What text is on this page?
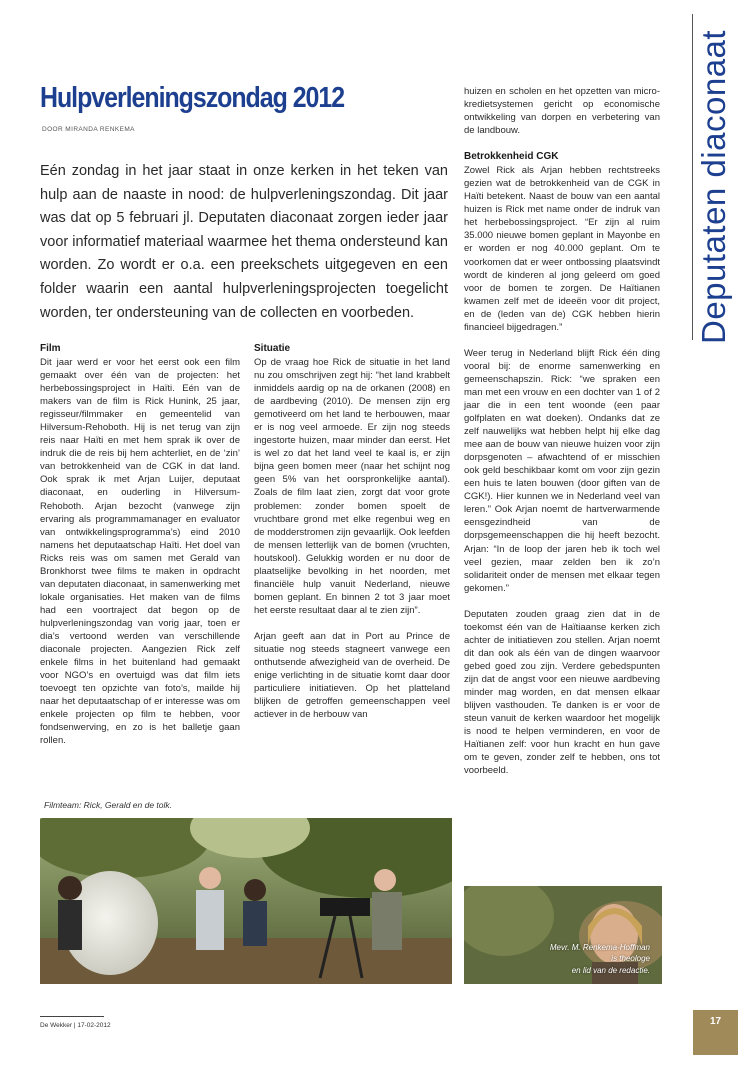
Hulpverleningszondag 2012
DOOR MIRANDA RENKEMA

Eén zondag in het jaar staat in onze kerken in het teken van hulp aan de naaste in nood: de hulpverleningszondag. Dit jaar was dat op 5 februari jl. Deputaten diaconaat zorgen ieder jaar voor informatief materiaal waarmee het thema ondersteund kan worden. Zo wordt er o.a. een preekschets uitgegeven en een folder waarin een aantal hulpverleningsprojecten toegelicht worden, ter ondersteuning van de collecten en voorbeden.

Film

Dit jaar werd er voor het eerst ook een film gemaakt over één van de projecten: het herbebossingsproject in Haïti. Eén van de makers van de film is Rick Hunink, 25 jaar, regisseur/filmmaker en gemeentelid van Hilversum-Rehoboth. Hij is net terug van zijn reis naar Haïti en met hem sprak ik over de indruk die de reis bij hem achterliet, en de ‘zin’ van betrokkenheid van de CGK in dat land. Ook sprak ik met Arjan Luijer, deputaat diaconaat, en ouderling in Hilversum-Rehoboth. Arjan bezocht (vanwege zijn ervaring als programmamanager en evaluator van ontwikkelingsprogramma’s) eind 2010 namens het deputaatschap Haïti. Het doel van Ricks reis was om samen met Gerald van Bronkhorst twee films te maken in opdracht van deputaten diaconaat, in samenwerking met lokale organisaties. Het maken van de films had een voortraject dat begon op de hulpverleningszondag van vorig jaar, toen er dia’s vertoond werden van verschillende diaconale projecten. Aangezien Rick zelf enkele films in het buitenland had gemaakt voor NGO’s en overtuigd was dat film iets toevoegt ten opzichte van foto’s, mailde hij naar het deputaatschap of er interesse was om enkele projecten op film te hebben, voor fondsenwerving, en zo is het balletje gaan rollen.

Situatie

Op de vraag hoe Rick de situatie in het land nu zou omschrijven zegt hij: “het land krabbelt inmiddels aardig op na de orkanen (2008) en de aardbeving (2010). De mensen zijn erg gemotiveerd om het land te herbouwen, maar er is nog veel armoede. Er zijn nog steeds ingestorte huizen, maar minder dan eerst. Het is wel zo dat het land veel te kaal is, er zijn bijna geen bomen meer (naar het schijnt nog geen 5% van het oorspronkelijke aantal). Zoals de film laat zien, zorgt dat voor grote problemen: zonder bomen spoelt de vruchtbare grond met elke regenbui weg en de modderstromen zijn gevaarlijk. Ook leefden de mensen letterlijk van de bomen (vruchten, houtskool). Gelukkig worden er nu door de plaatselijke bevolking in het noorden, met financiële hulp vanuit Nederland, nieuwe bomen geplant. En binnen 2 tot 3 jaar moet het eerste resultaat daar al te zien zijn”.

Arjan geeft aan dat in Port au Prince de situatie nog steeds stagneert vanwege een onthutsende afwezigheid van de overheid. De enige verlichting in de situatie komt daar door particuliere initiatieven. Op het platteland blijken de getroffen gemeenschappen veel actiever in de herbouw van

huizen en scholen en het opzetten van micro-kredietsystemen gericht op economische ontwikkeling van dorpen en verbetering van de landbouw.

Betrokkenheid CGK

Zowel Rick als Arjan hebben rechtstreeks gezien wat de betrokkenheid van de CGK in Haïti betekent. Naast de bouw van een aantal huizen is Rick met name onder de indruk van het herbebossingsproject. “Er zijn al ruim 35.000 nieuwe bomen geplant in Mayonbe en er worden er nog 40.000 geplant. Om te voorkomen dat er weer ontbossing plaatsvindt wordt de kinderen al jong geleerd om goed voor de bomen te zorgen. De Haïtianen kwamen zelf met de ideeën voor dit project, en de (leden van de) CGK hebben hierin financieel bijgedragen.”

Weer terug in Nederland blijft Rick één ding vooral bij: de enorme samenwerking en gemeenschapszin. Rick: “we spraken een man met een vrouw en een dochter van 1 of 2 jaar die in een tent woonde (een paar golfplaten en wat doeken). Ondanks dat ze zelf nauwelijks wat hebben helpt hij elke dag mee aan de bouw van nieuwe huizen voor zijn dorpsgenoten – afwachtend of er misschien ook geld beschikbaar komt om voor zijn gezin een huis te laten bouwen (door giften van de CGK!). Hier kunnen we in Nederland veel van leren.” Ook Arjan noemt de hartverwarmende eensgezindheid van de dorpsgemeenschappen die hij heeft bezocht. Arjan: “In de loop der jaren heb ik toch wel veel gezien, maar zelden ben ik zo’n solidariteit onder de mensen met elkaar tegen gekomen.”

Deputaten zouden graag zien dat in de toekomst één van de Haïtiaanse kerken zich achter de initiatieven zou stellen. Arjan noemt dit dan ook als één van de dingen waarvoor gebed goed zou zijn. Verdere gebedspunten zijn dat de angst voor een nieuwe aardbeving minder mag worden, en dat mensen elkaar blijven vasthouden. Te danken is er voor de steun vanuit de kerken waardoor het mogelijk is nood te helpen verminderen, en voor de Haïtianen zelf: voor hun kracht en hun gave om te geven, zonder zelf te hebben, ons tot voorbeeld.

Filmteam: Rick, Gerald en de tolk.
Mevr. M. Renkema-Hoffman
is theologe
en lid van de redactie.
Deputaten diaconaat
De Wekker | 17-02-2012	17
